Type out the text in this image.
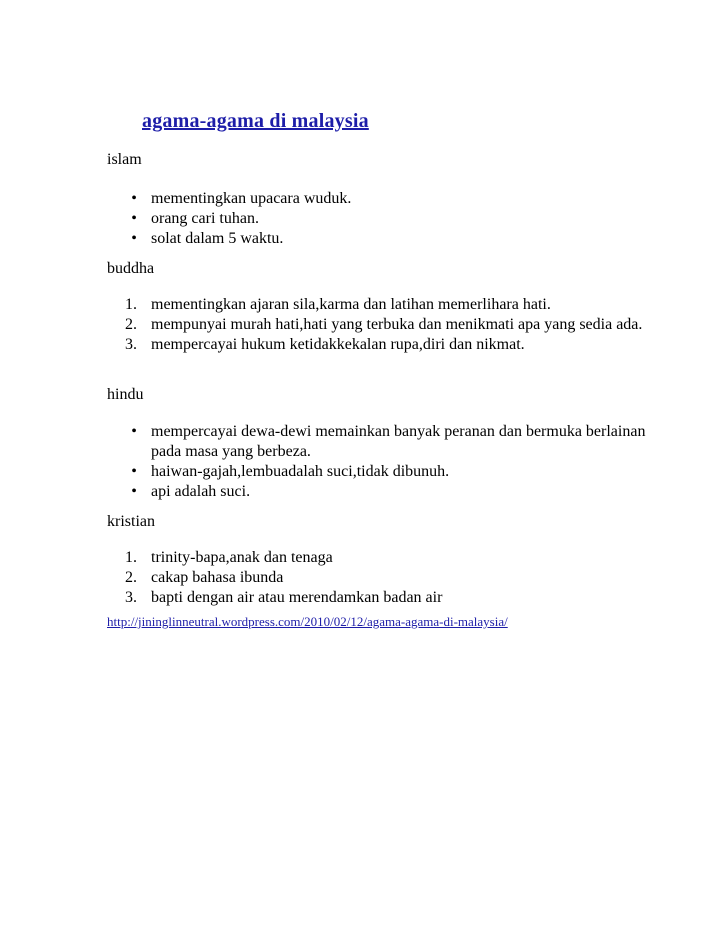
agama-agama di malaysia
islam
• mementingkan upacara wuduk.
• orang cari tuhan.
• solat dalam 5 waktu.
buddha
1. mementingkan ajaran sila,karma dan latihan memerlihara hati.
2. mempunyai murah hati,hati yang terbuka dan menikmati apa yang sedia ada.
3. mempercayai hukum ketidakkekalan rupa,diri dan nikmat.
hindu
• mempercayai dewa-dewi memainkan banyak peranan dan bermuka berlainan pada masa yang berbeza.
• haiwan-gajah,lembuadalah suci,tidak dibunuh.
• api adalah suci.
kristian
1. trinity-bapa,anak dan tenaga
2. cakap bahasa ibunda
3. bapti dengan air atau merendamkan badan air
http://jininglinneutral.wordpress.com/2010/02/12/agama-agama-di-malaysia/
